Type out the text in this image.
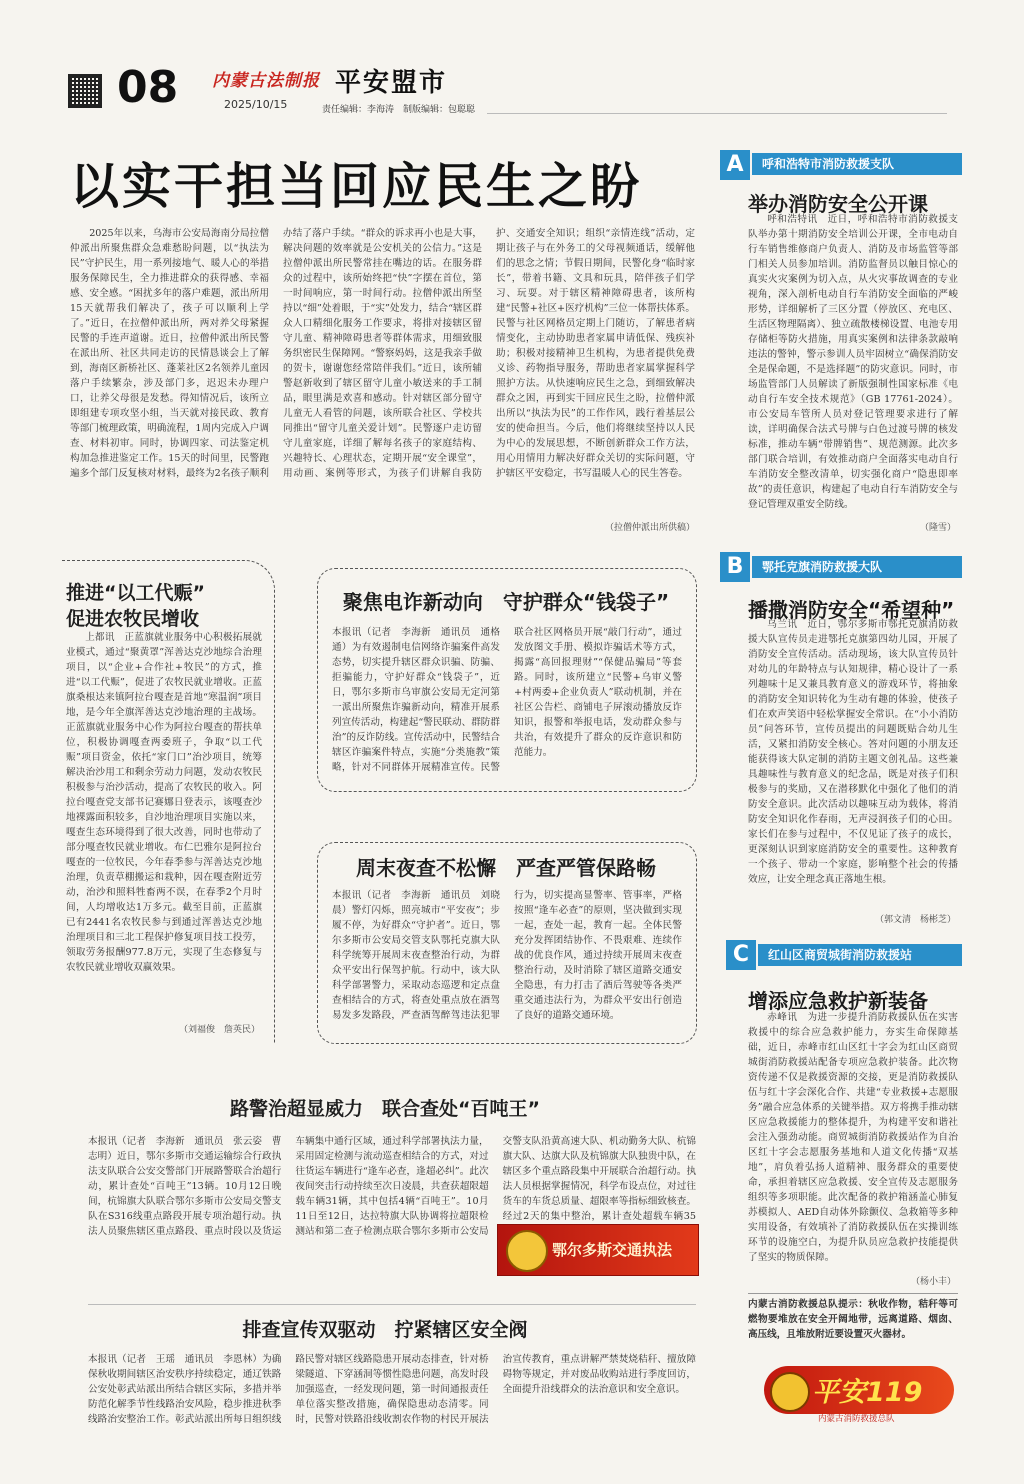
08 内蒙古法制报
2025/10/15
平安盟市
责任编辑：李海涛　制版编辑：包聪聪
以实干担当回应民生之盼
2025年以来，乌海市公安局海南分局拉僧仲派出所聚焦群众急难愁盼问题，以“执法为民”守护民生，用一系列接地气、暖人心的举措服务保障民生，全力推进群众的获得感、幸福感、安全感。“困扰多年的落户难题，派出所用15天就帮我们解决了，孩子可以顺利上学了。”近日，在拉僧仲派出所，两对养父母紧握民警的手连声道谢。近日，拉僧仲派出所民警在派出所、社区共同走访的民情恳谈会上了解到，海南区新桥社区、蓬莱社区2名领养儿童因落户手续繁杂，涉及部门多，迟迟未办理户口，让养父母很是发愁。得知情况后，该所立即组建专项攻坚小组，当天就对接民政、教育等部门梳理政策，明确流程，1周内完成入户调查、材料初审。同时，协调四家、司法鉴定机构加急推进鉴定工作。15天的时间里，民警跑遍多个部门反复核对材料，最终为2名孩子顺利办结了落户手续。“群众的诉求再小也是大事，解决问题的效率就是公安机关的公信力。”这是拉僧仲派出所民警常挂在嘴边的话。在服务群众的过程中，该所始终把“快”字摆在首位，第一时间响应，第一时间行动。拉僧仲派出所坚持以“细”处着眼，于“实”处发力，结合“辖区群众人口精细化服务工作要求，将排对接辖区留守儿童、精神障碍患者等群体需求，用细致服务织密民生保障网。“警察妈妈，这是我亲手做的贺卡，谢谢您经常陪伴我们。”近日，该所辅警赵新收到了辖区留守儿童小敏送来的手工制品，眼里满是欢喜和感动。针对辖区部分留守儿童无人看管的问题，该所联合社区、学校共同推出“留守儿童关爱计划”。民警逐户走访留守儿童家庭，详细了解每名孩子的家庭结构、兴趣特长、心理状态，定期开展“安全课堂”，用动画、案例等形式，为孩子们讲解自我防护、交通安全知识；组织“亲情连线”活动，定期让孩子与在外务工的父母视频通话，缓解他们的思念之情；节假日期间，民警化身“临时家长”，带着书籍、文具和玩具，陪伴孩子们学习、玩耍。对于辖区精神障碍患者，该所构建“民警+社区+医疗机构”三位一体帮扶体系。民警与社区网格员定期上门随访，了解患者病情变化，主动协助患者家属申请低保、残疾补助；积极对接精神卫生机构，为患者提供免费义诊、药物指导服务，帮助患者家属掌握科学照护方法。从快速响应民生之急，到细致解决群众之困，再到实干回应民生之盼，拉僧仲派出所以“执法为民”的工作作风，践行着基层公安的使命担当。今后，他们将继续坚持以人民为中心的发展思想，不断创新群众工作方法，用心用情用力解决好群众关切的实际问题，守护辖区平安稳定，书写温暖人心的民生答卷。
（拉僧仲派出所供稿）
推进“以工代赈”
促进农牧民增收
上都讯　正蓝旗就业服务中心积极拓展就业模式，通过“聚黄罩”浑善达克沙地综合治理项目，以“企业+合作社+牧民”的方式，推进“以工代赈”，促进了农牧民就业增收。正蓝旗桑根达来镇阿拉台嘎查是首地“寒温润”项目地，是今年全旗浑善达克沙地治理的主战场。正蓝旗就业服务中心作为阿拉台嘎查的帮扶单位，积极协调嘎查两委班子，争取“以工代赈”项目资金，依托“家门口”治沙项目，统筹解决治沙用工和剩余劳动力问题，发动农牧民积极参与治沙活动，提高了农牧民的收入。阿拉台嘎查党支部书记赛娜日登表示，该嘎查沙地裸露面积较多，自沙地治理项目实施以来，嘎查生态环境得到了很大改善，同时也带动了部分嘎查牧民就业增收。布仁巴雅尔是阿拉台嘎查的一位牧民，今年春季参与浑善达克沙地治理，负责草棚搬运和栽种，因在嘎查附近劳动，治沙和照料牲畜两不误，在春季2个月时间，人均增收达1万多元。截至目前，正蓝旗已有2441名农牧民参与到通过浑善达克沙地治理项目和三北工程保护修复项目技工投劳，领取劳务报酬977.8万元，实现了生态修复与农牧民就业增收双赢效果。
（刘福俊　詹英民）
聚焦电诈新动向　守护群众“钱袋子”
本报讯（记者　李海新　通讯员　通格通）为有效遏制电信网络诈骗案件高发态势，切实提升辖区群众识骗、防骗、拒骗能力，守护好群众“钱袋子”，近日，鄂尔多斯市乌审旗公安局无定河第一派出所聚焦诈骗新动向，精准开展系列宣传活动，构建起“警民联动、群防群治”的反诈防线。宣传活动中，民警结合辖区诈骗案件特点，实施“分类施教”策略，针对不同群体开展精准宣传。民警联合社区网格员开展“敲门行动”，通过发放图文手册、模拟诈骗话术等方式，揭露“高回报理财”“保健品骗局”等套路。同时，该所建立“民警+乌审义警+村两委+企业负责人”联动机制，并在社区公告栏、商铺电子屏滚动播放反诈知识，报警和举报电话，发动群众参与共治，有效提升了群众的反诈意识和防范能力。
周末夜查不松懈　严查严管保路畅
本报讯（记者　李海新　通讯员　刘晓晨）警灯闪烁，照亮城市“平安夜”；步履不停，为好群众“守护者”。近日，鄂尔多斯市公安局交管支队鄂托克旗大队科学统筹开展周末夜查整治行动，为群众平安出行保驾护航。行动中，该大队科学部署警力，采取动态巡逻和定点盘查相结合的方式，将查处重点放在酒驾易发多发路段，严查酒驾醉驾违法犯罪行为，切实提高显警率、管事率，严格按照“逢车必查”的原则，坚决做到实现一起，查处一起，教育一起。全体民警充分发挥团结协作、不畏艰难、连续作战的优良作风，通过持续开展周末夜查整治行动，及时消除了辖区道路交通安全隐患，有力打击了酒后驾驶等各类严重交通违法行为，为群众平安出行创造了良好的道路交通环境。
路警治超显威力　联合查处“百吨王”
本报讯（记者　李海新　通讯员　张云姿　曹志明）近日，鄂尔多斯市交通运输综合行政执法支队联合公安交警部门开展路警联合治超行动，累计查处“百吨王”13辆。10月12日晚间，杭锦旗大队联合鄂尔多斯市公安局交警支队在S316线重点路段开展专项治超行动。执法人员聚焦辖区重点路段、重点时段以及货运车辆集中通行区域，通过科学部署执法力量，采用固定检测与流动巡查相结合的方式，对过往货运车辆进行“逢车必查，逢超必纠”。此次夜间突击行动持续至次日凌晨，共查获超限超载车辆31辆，其中包括4辆“百吨王”。10月11日至12日，达拉特旗大队协调将拉超限检测站和第二查子检测点联合鄂尔多斯市公安局交警支队沿黄高速大队、机动勤务大队、杭锦旗大队、达旗大队及杭锦旗大队独贵中队，在辖区多个重点路段集中开展联合治超行动。执法人员根据掌握情况，科学布设点位，对过往货车的车货总质量、超限率等指标细致核查。经过2天的集中整治，累计查处超载车辆35
鄂尔多斯交通执法
排查宣传双驱动　拧紧辖区安全阀
本报讯（记者　王瑶　通讯员　李恩林）为确保秋收期间辖区治安秩序持续稳定，通辽铁路公安处彰武站派出所结合辖区实际，多措并举防范化解季节性线路治安风险，稳步推进秋季线路治安整治工作。彰武站派出所每日组织线路民警对辖区线路隐患开展动态排查，针对桥梁隧道、下穿涵洞等惯性隐患问题，高发时段加强巡查，一经发现问题，第一时间通报责任单位落实整改措施，确保隐患动态清零。同时，民警对铁路沿线收割农作物的村民开展法治宣传教育，重点讲解严禁焚烧秸秆、擅放障碍物等规定，并对废品收购站进行季度回访，全面提升沿线群众的法治意识和安全意识。
A	呼和浩特市消防救援支队
举办消防安全公开课
呼和浩特讯　近日，呼和浩特市消防救援支队举办第十期消防安全培训公开课，全市电动自行车销售维修商户负责人、消防及市场监管等部门相关人员参加培训。消防监督员以触目惊心的真实火灾案例为切入点，从火灾事故调查的专业视角，深入剖析电动自行车消防安全面临的严峻形势，详细解析了三区分置（停放区、充电区、生活区物理隔离）、独立疏散楼梯设置、电池专用存储柜等防火措施，用真实案例和法律条款敲响违法的警钟，警示参训人员牢固树立“确保消防安全是保命题，不是选择题”的防灾意识。同时，市场监管部门人员解读了新版强制性国家标准《电动自行车安全技术规范》（GB 17761-2024）。市公安局车管所人员对登记管理要求进行了解读，详明确保合法式号牌与白色过渡号牌的核发标准，推动车辆“带牌销售”、规范测源。此次多部门联合培训，有效推动商户全面落实电动自行车消防安全整改清单，切实强化商户“隐患即率故”的责任意识，构建起了电动自行车消防安全与登记管理双重安全防线。
（隆雪）
B	鄂托克旗消防救援大队
播撒消防安全“希望种”
乌兰讯　近日，鄂尔多斯市鄂托克旗消防救援大队宣传员走进鄂托克旗第四幼儿园，开展了消防安全宣传活动。活动现场，该大队宣传员针对幼儿的年龄特点与认知规律，精心设计了一系列趣味十足又兼具教育意义的游戏环节，将抽象的消防安全知识转化为生动有趣的体验，使孩子们在欢声笑语中轻松掌握安全常识。在“小小消防员”问答环节，宣传员提出的问题既贴合幼儿生活，又紧扣消防安全核心。答对问题的小朋友还能获得该大队定制的消防主题文创礼品。这些兼具趣味性与教育意义的纪念品，既是对孩子们积极参与的奖励，又在潜移默化中强化了他们的消防安全意识。此次活动以趣味互动为载体，将消防安全知识化作春雨，无声浸润孩子们的心田。家长们在参与过程中，不仅见证了孩子的成长，更深刻认识到家庭消防安全的重要性。这种教育一个孩子、带动一个家庭，影响整个社会的传播效应，让安全理念真正落地生根。
（郭文清　杨彬芝）
C	红山区商贸城街消防救援站
增添应急救护新装备
赤峰讯　为进一步提升消防救援队伍在实害救援中的综合应急救护能力，夯实生命保障基础，近日，赤峰市红山区红十字会为红山区商贸城街消防救援站配备专项应急救护装备。此次物资传递不仅是救援资源的交接，更是消防救援队伍与红十字会深化合作、共建“专业救援+志愿服务”融合应急体系的关键举措。双方将携手推动辖区应急救援能力的整体提升，为构建平安和谐社会注入强劲动能。商贸城街消防救援站作为自治区红十字会志愿服务基地和人道文化传播“双基地”，肩负着弘扬人道精神、服务群众的重要使命，承担着辖区应急救援、安全宣传及志愿服务组织等多项职能。此次配备的救护箱涵盖心肺复苏模拟人、AED自动体外除颤仪、急救箱等多种实用设备，有效填补了消防救援队伍在实操训练环节的设施空白，为提升队员应急救护技能提供了坚实的物质保障。
（杨小丰）
内蒙古消防救援总队提示：秋收作物，秸秆等可燃物要堆放在安全开阔地带，远离道路、烟囱、高压线，且堆放附近要设置灭火器材。
平安119
内蒙古消防救援总队
